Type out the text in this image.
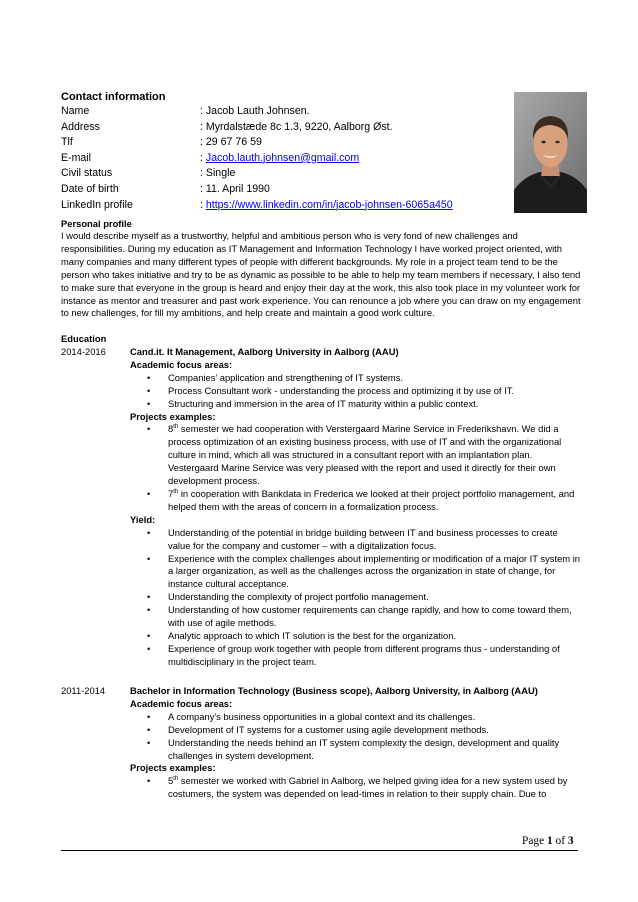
Contact information
Name	: Jacob Lauth Johnsen.
Address	: Myrdalstæde 8c 1.3, 9220, Aalborg Øst.
Tlf	: 29 67 76 59
E-mail	: Jacob.lauth.johnsen@gmail.com
Civil status	: Single
Date of birth	: 11. April 1990
LinkedIn profile	: https://www.linkedin.com/in/jacob-johnsen-6065a450
Personal profile
I would describe myself as a trustworthy, helpful and ambitious person who is very fond of new challenges and responsibilities. During my education as IT Management and Information Technology I have worked project oriented, with many companies and many different types of people with different backgrounds. My role in a project team tend to be the person who takes initiative and try to be as dynamic as possible to be able to help my team members if necessary, I also tend to make sure that everyone in the group is heard and enjoy their day at the work, this also took place in my volunteer work for instance as mentor and treasurer and past work experience. You can renounce a job where you can draw on my engagement to new challenges, for fill my ambitions, and help create and maintain a good work culture.
Education
2014-2016	Cand.it. It Management, Aalborg University in Aalborg (AAU)
Academic focus areas:
• Companies’ application and strengthening of IT systems.
• Process Consultant work - understanding the process and optimizing it by use of IT.
• Structuring and immersion in the area of IT maturity within a public context.
Projects examples:
• 8th semester we had cooperation with Verstergaard Marine Service in Frederikshavn. We did a process optimization of an existing business process, with use of IT and with the organizational culture in mind, which all was structured in a consultant report with an implantation plan. Vestergaard Marine Service was very pleased with the report and used it directly for their own development process.
• 7th in cooperation with Bankdata in Frederica we looked at their project portfolio management, and helped them with the areas of concern in a formalization process.
Yield:
• Understanding of the potential in bridge building between IT and business processes to create value for the company and customer – with a digitalization focus.
• Experience with the complex challenges about implementing or modification of a major IT system in a larger organization, as well as the challenges across the organization in state of change, for instance cultural acceptance.
• Understanding the complexity of project portfolio management.
• Understanding of how customer requirements can change rapidly, and how to come toward them, with use of agile methods.
• Analytic approach to which IT solution is the best for the organization.
• Experience of group work together with people from different programs thus - understanding of multidisciplinary in the project team.
2011-2014	Bachelor in Information Technology (Business scope), Aalborg University, in Aalborg (AAU)
Academic focus areas:
• A company's business opportunities in a global context and its challenges.
• Development of IT systems for a customer using agile development methods.
• Understanding the needs behind an IT system complexity the design, development and quality challenges in system development.
Projects examples:
• 5th semester we worked with Gabriel in Aalborg, we helped giving idea for a new system used by costumers, the system was depended on lead-times in relation to their supply chain. Due to
Page 1 of 3
